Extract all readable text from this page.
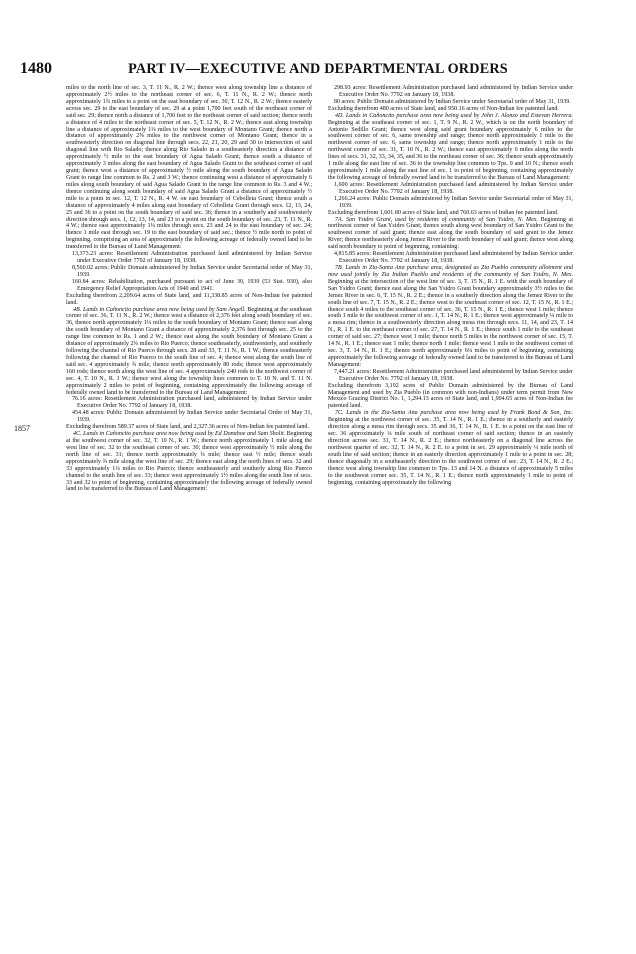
1480	PART IV—EXECUTIVE AND DEPARTMENTAL ORDERS
1857

miles to the north line of sec. 3, T. 11 N., R. 2 W.; thence west along township line a distance of approximately 2½ miles to the northeast corner of sec. 6, T. 11 N., R. 2 W.; thence north approximately 1¾ miles to a point on the east boundary of sec. 30, T. 12 N., R. 2 W.; thence easterly across sec. 29 to the east boundary of sec. 29 at a point 1,700 feet south of the northeast corner of said sec. 29; thence north a distance of 1,700 feet to the northeast corner of said section; thence north a distance of 4 miles to the northeast corner of sec. 5, T. 12 N., R. 2 W.; thence east along township line a distance of approximately 1¼ miles to the west boundary of Montano Grant; thence north a distance of approximately 2⅝ miles to the northwest corner of Montano Grant; thence in a southwesterly direction on diagonal line through secs. 22, 21, 20, 29 and 30 to intersection of said diagonal line with Rio Salado; thence along Rio Salado in a southeasterly direction a distance of approximately ½ mile to the east boundary of Agua Salado Grant; thence south a distance of approximately 3 miles along the east boundary of Agua Salado Grant to the southeast corner of said grant; thence west a distance of approximately ½ mile along the south boundary of Agua Salado Grant to range line common to Rs. 2 and 3 W.; thence continuing west a distance of approximately 6 miles along south boundary of said Agua Salado Grant to the range line common to Rs. 3 and 4 W.; thence continuing along south boundary of said Agua Salado Grant a distance of approximately ½ mile to a point in sec. 12, T. 12 N., R. 4 W. on east boundary of Cebolleta Grant; thence south a distance of approximately 4 miles along east boundary of Cebolleta Grant through secs. 12, 13, 24, 25 and 36 to a point on the south boundary of said sec. 36; thence in a southerly and southwesterly direction through secs. 1, 12, 13, 14, and 23 to a point on the south boundary of sec. 23, T. 11 N., R. 4 W.; thence east approximately 1¼ miles through secs. 23 and 24 to the east boundary of sec. 24; thence 1 mile east through sec. 19 to the east boundary of said sec.; thence ½ mile north to point of beginning, comprising an area of approximately the following acreage of federally owned land to be transferred to the Bureau of Land Management:

13,373.23 acres: Resettlement Administration purchased land administered by Indian Service under Executive Order 7792 of January 18, 1938.

8,560.02 acres: Public Domain administered by Indian Service under Secretarial order of May 31, 1939.

160.84 acres: Rehabilitation, purchased pursuant to act of June 30, 1939 (53 Stat. 930), also Emergency Relief Appropriation Acts of 1940 and 1941.

Excluding therefrom 2,209.64 acres of State land, and 11,338.85 acres of Non-Indian fee patented land.

4B. Lands in Cañoncito purchase area now being used by Sam Angell. Beginning at the southeast corner of sec. 36, T. 11 N., R. 2 W.; thence west a distance of 2,376 feet along south boundary of sec. 36, thence north approximately 1¼ miles to the south boundary of Montano Grant; thence east along the south boundary of Montano Grant a distance of approximately 2,376 feet through sec. 25 to the range line common to Rs. 1 and 2 W.; thence east along the south boundary of Montano Grant a distance of approximately 2¾ miles to Rio Puerco; thence southeasterly, southwesterly, and southerly following the channel of Rio Puerco through secs. 28 and 33, T. 11 N., R. 1 W.; thence southeasterly following the channel of Rio Puerco to the south line of sec. 4; thence west along the south line of said sec. 4 approximately ¾ mile; thence north approximately 80 rods; thence west approximately 160 rods; thence north along the west line of sec. 4 approximately 240 rods to the northwest corner of sec. 4, T. 10 N., R. 1 W.; thence west along the township lines common to T. 10 N. and T. 11 N. approximately 2 miles to point of beginning, containing approximately the following acreage of federally owned land to be transferred to the Bureau of Land Management:

76.16 acres: Resettlement Administration purchased land, administered by Indian Service under Executive Order No. 7792 of January 18, 1938.

454.48 acres: Public Domain administered by Indian Service under Secretarial Order of May 31, 1939.

Excluding therefrom 589.37 acres of State land, and 2,327.36 acres of Non-Indian fee patented land.

4C. Lands in Cañoncito purchase area now being used by Ed Donahoe and Sam Sholit. Beginning at the southwest corner of sec. 32, T. 10 N., R. 1 W.; thence north approximately 1 mile along the west line of sec. 32 to the southeast corner of sec. 30; thence west approximately ½ mile along the north line of sec. 31; thence north approximately ¾ mile; thence east ½ mile; thence south approximately ¾ mile along the west line of sec. 29; thence east along the north lines of secs. 32 and 33 approximately 1¼ miles to Rio Puerco; thence southeasterly and southerly along Rio Puerco channel to the south line of sec. 33; thence west approximately 1½ miles along the south line of secs. 33 and 32 to point of beginning, containing approximately the following acreage of federally owned land to be transferred to the Bureau of Land Management:

298.93 acres: Resettlement Administration purchased land administered by Indian Service under Executive Order No. 7792 on January 18, 1938.

80 acres: Public Domain administered by Indian Service under Secretarial order of May 31, 1939.

Excluding therefrom 480 acres of State land, and 950.16 acres of Non-Indian fee patented land.

4D. Lands in Cañoncito purchase area now being used by John J. Alonzo and Estevan Herrera. Beginning at the southeast corner of sec. 1, T. 9 N., R. 2 W., which is on the north boundary of Antonio Sedillo Grant; thence west along said grant boundary approximately 6 miles to the southwest corner of sec. 6, same township and range; thence north approximately 1 mile to the northwest corner of sec. 6, same township and range; thence north approximately 1 mile to the northwest corner of sec. 31, T. 10 N., R. 2 W.; thence east approximately 6 miles along the north lines of secs. 31, 32, 33, 34, 35, and 36 to the northeast corner of sec. 36; thence south approximately 1 mile along the east line of sec. 36 to the township line common to Tps. 9 and 10 N.; thence south approximately 1 mile along the east line of sec. 1 to point of beginning, containing approximately the following acreage of federally owned land to be transferred to the Bureau of Land Management:

1,600 acres: Resettlement Administration purchased land administered by Indian Service under Executive Order No. 7792 of January 18, 1938.

1,266.24 acres: Public Domain administered by Indian Service under Secretarial order of May 31, 1939.

Excluding therefrom 1,601.80 acres of State land, and 760.63 acres of Indian fee patented land.

7A. San Ysidro Grant, used by residents of community of San Ysidro, N. Mex. Beginning at northwest corner of San Ysidro Grant; thence south along west boundary of San Ysidro Grant to the southwest corner of said grant; thence east along the south boundary of said grant to the Jemez River; thence northeasterly along Jemez River to the north boundary of said grant; thence west along said north boundary to point of beginning, containing:

4,815.85 acres: Resettlement Administration purchased land administered by Indian Service under Executive Order No. 7792 of January 18, 1938.

7B. Lands in Zia-Santa Ana purchase area, designated as Zia Pueblo community allotment and now used jointly by Zia Indian Pueblo and residents of the community of San Ysidro, N. Mex. Beginning at the intersection of the west line of sec. 3, T. 15 N., R. 1 E. with the south boundary of San Ysidro Grant; thence east along the San Ysidro Grant boundary approximately 3½ miles to the Jemez River in sec. 6, T. 15 N., R. 2 E.; thence in a southerly direction along the Jemez River to the south line of sec. 7, T. 15 N., R. 2 E.; thence west to the southeast corner of sec. 12, T. 15 N., R. 1 E.; thence south 4 miles to the southeast corner of sec. 36, T. 15 N., R. 1 E.; thence west 1 mile; thence south 1 mile to the southwest corner of sec. 1, T. 14 N., R. 1 E.; thence west approximately ¼ mile to a mesa rim; thence in a southwesterly direction along mesa rim through secs. 11, 14, and 23, T. 14 N., R. 1 E. to the northeast corner of sec. 27, T. 14 N., R. 1 E.; thence south 1 mile to the southeast corner of said sec. 27; thence west 1 mile; thence north 5 miles to the northwest corner of sec. 15, T. 14 N., R. 1 E.; thence east 1 mile; thence north 1 mile; thence west 1 mile to the southwest corner of sec. 3, T. 14 N., R. 1 E.; thence north approximately 6¼ miles to point of beginning, containing approximately the following acreage of federally owned land to be transferred to the Bureau of Land Management:

7,447.21 acres: Resettlement Administration purchased land administered by Indian Service under Executive Order No. 7792 of January 18, 1938.

Excluding therefrom 3,192 acres of Public Domain administered by the Bureau of Land Management and used by Zia Pueblo (in common with non-Indians) under term permit from New Mexico Grazing District No. 1, 1,294.13 acres of State land, and 1,904.65 acres of Non-Indian fee patented land.

7C. Lands in the Zia-Santa Ana purchase area now being used by Frank Bond & Son, Inc. Beginning at the northwest corner of sec. 35, T. 14 N., R. 1 E.; thence in a southerly and easterly direction along a mesa rim through secs. 35 and 36, T. 14 N., R. 1 E. to a point on the east line of sec. 36 approximately ¼ mile south of northeast corner of said section; thence in an easterly direction across sec. 31, T. 14 N., R. 2 E.; thence northeasterly on a diagonal line across the northwest quarter of sec. 32, T. 14 N., R. 2 E. to a point in sec. 29 approximately ¼ mile north of south line of said section; thence in an easterly direction approximately 1 mile to a point in sec. 28; thence diagonally in a southeasterly direction to the southwest corner of sec. 23, T. 14 N., R. 2 E.; thence west along township line common to Tps. 13 and 14 N. a distance of approximately 5 miles to the southwest corner sec. 35, T. 14 N., R. 1 E.; thence north approximately 1 mile to point of beginning, containing approximately the following
